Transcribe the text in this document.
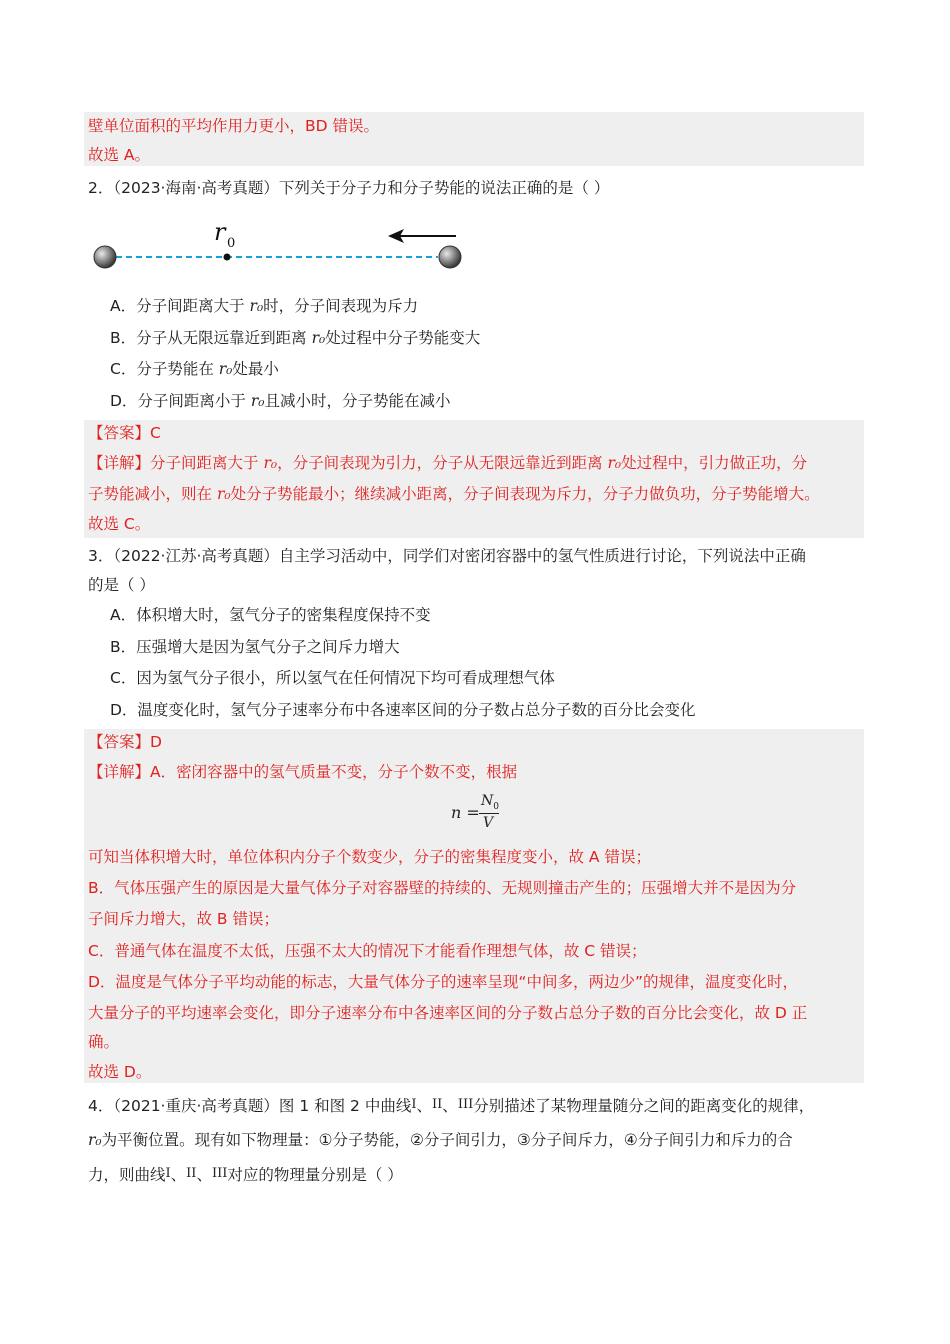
壁单位面积的平均作用力更小，BD 错误。
故选 A。
2．（2023·海南·高考真题）下列关于分子力和分子势能的说法正确的是（ ）
r 0
A．分子间距离大于 r₀时，分子间表现为斥力
B．分子从无限远靠近到距离 r₀处过程中分子势能变大
C．分子势能在 r₀处最小
D．分子间距离小于 r₀且减小时，分子势能在减小
【答案】C
【详解】分子间距离大于 r₀，分子间表现为引力，分子从无限远靠近到距离 r₀处过程中，引力做正功，分
子势能减小，则在 r₀处分子势能最小；继续减小距离，分子间表现为斥力，分子力做负功，分子势能增大。
故选 C。
3．（2022·江苏·高考真题）自主学习活动中，同学们对密闭容器中的氢气性质进行讨论，下列说法中正确
的是（ ）
A．体积增大时，氢气分子的密集程度保持不变
B．压强增大是因为氢气分子之间斥力增大
C．因为氢气分子很小，所以氢气在任何情况下均可看成理想气体
D．温度变化时，氢气分子速率分布中各速率区间的分子数占总分子数的百分比会变化
【答案】D
【详解】A．密闭容器中的氢气质量不变，分子个数不变，根据
n =
$N_0$
V
可知当体积增大时，单位体积内分子个数变少，分子的密集程度变小，故 A 错误；
B．气体压强产生的原因是大量气体分子对容器壁的持续的、无规则撞击产生的；压强增大并不是因为分
子间斥力增大，故 B 错误；
C．普通气体在温度不太低，压强不太大的情况下才能看作理想气体，故 C 错误；
D．温度是气体分子平均动能的标志，大量气体分子的速率呈现“中间多，两边少”的规律，温度变化时，
大量分子的平均速率会变化，即分子速率分布中各速率区间的分子数占总分子数的百分比会变化，故 D 正
确。
故选 D。
4．（2021·重庆·高考真题）图 1 和图 2 中曲线I、II、III分别描述了某物理量随分之间的距离变化的规律，
r₀为平衡位置。现有如下物理量：①分子势能，②分子间引力，③分子间斥力，④分子间引力和斥力的合
力，则曲线I、II、III对应的物理量分别是（ ）
